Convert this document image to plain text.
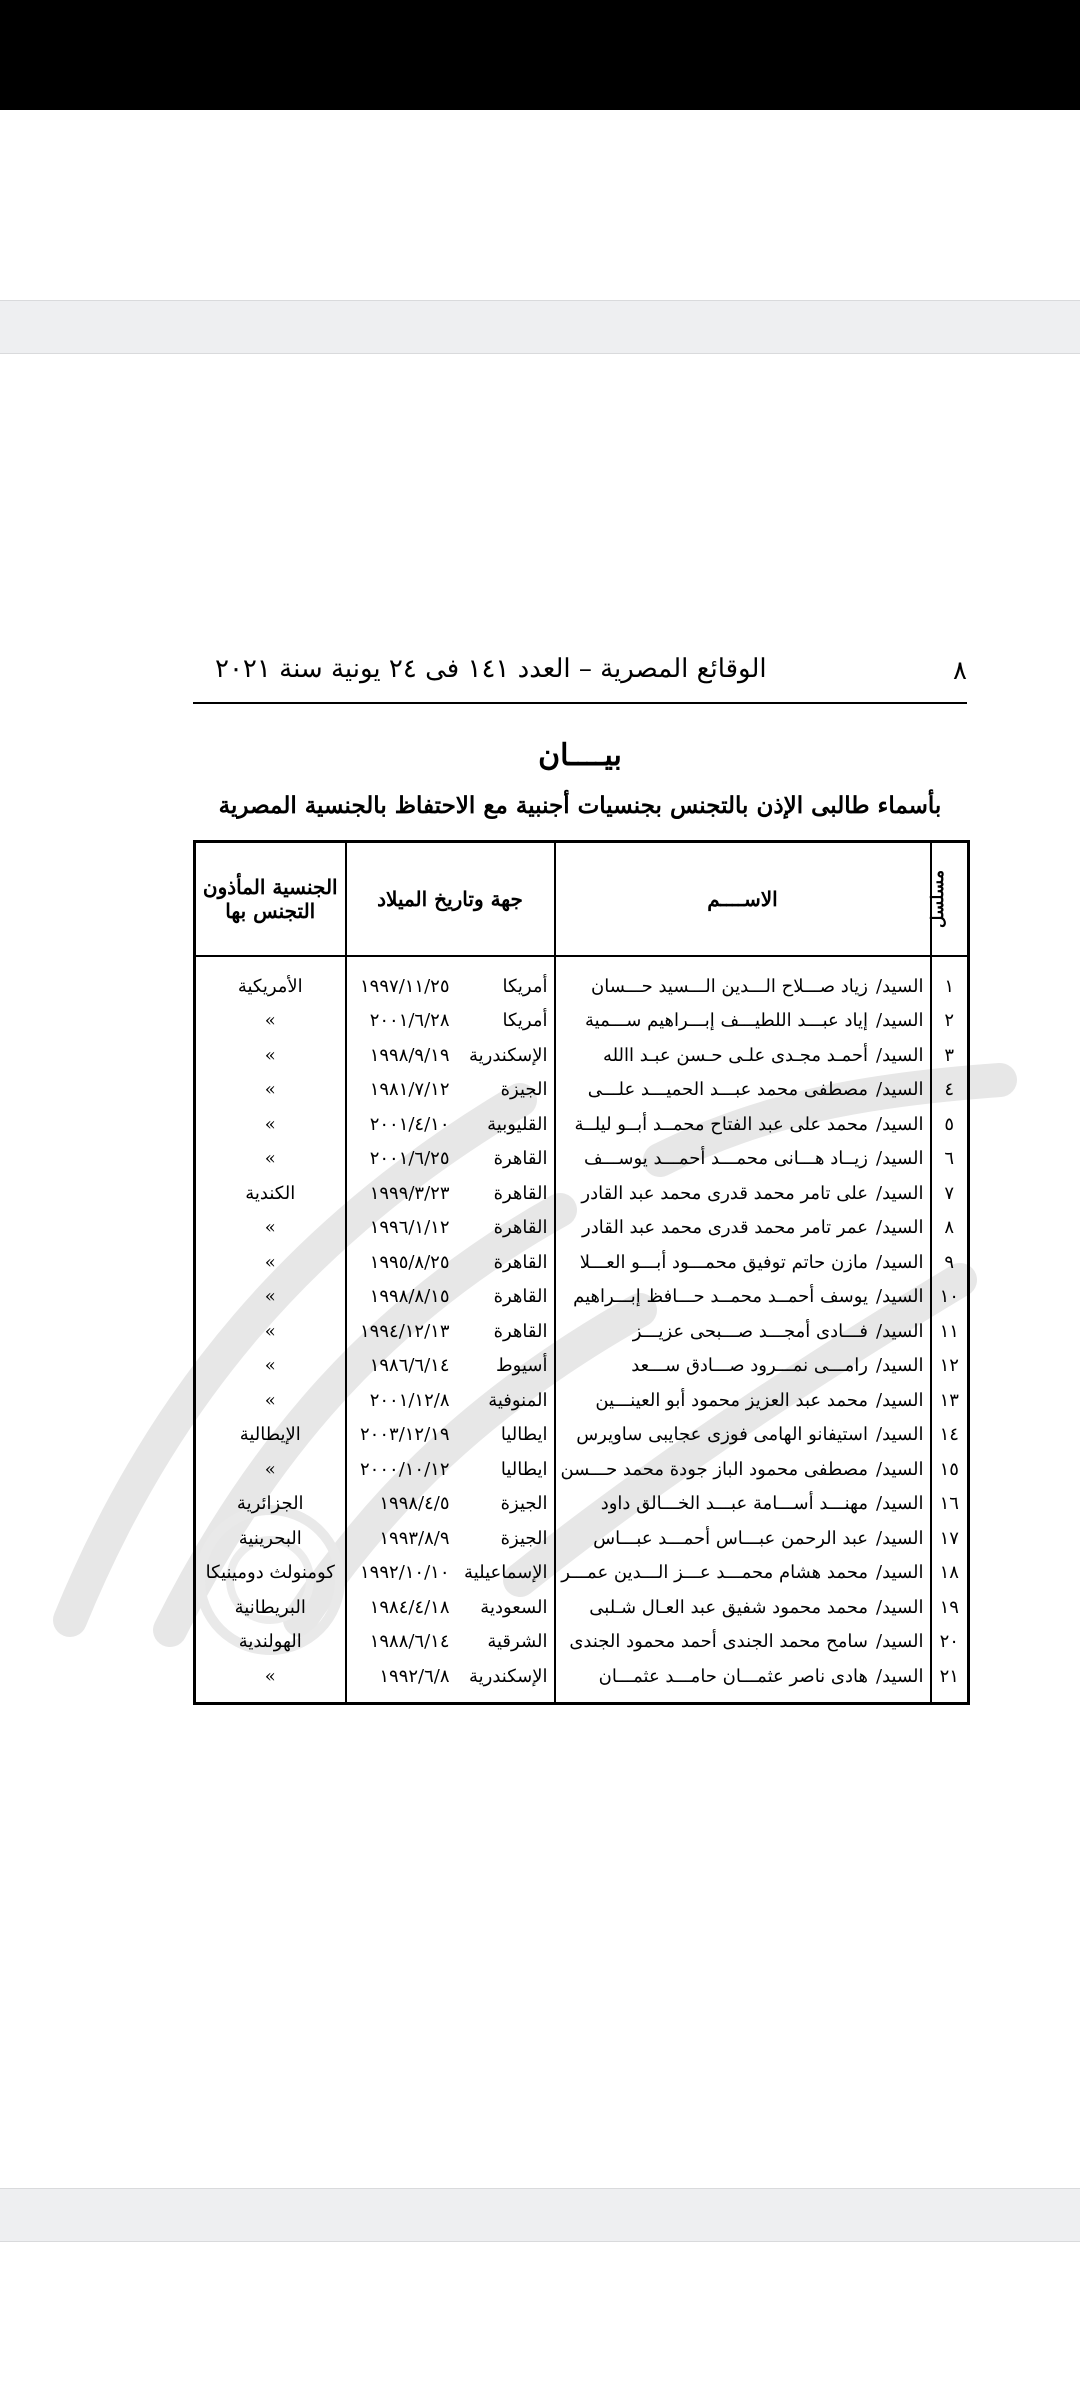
٨
الوقائع المصرية – العدد ١٤١ فى ٢٤ يونية سنة ٢٠٢١
بيــــان
بأسماء طالبى الإذن بالتجنس بجنسيات أجنبية مع الاحتفاظ بالجنسية المصرية
مسلسل	الاســــم	جهة وتاريخ الميلاد	الجنسية المأذون التجنس بها
١	السيد/زياد صـــلاح الـــدين الـــسيد حـــسان	أمريكا١٩٩٧/١١/٢٥	الأمريكية
٢	السيد/إياد عبـــد اللطيـــف إبـــراهيم ســـمية	أمريكا٢٠٠١/٦/٢٨	»
٣	السيد/أحمـد مجـدى علـى حـسن عبـد االله	الإسكندرية١٩٩٨/٩/١٩	»
٤	السيد/مصطفى محمد عبـــد الحميـــد علـــى	الجيزة١٩٨١/٧/١٢	»
٥	السيد/محمد على عبد الفتاح محمــد أبــو ليلــة	القليوبية٢٠٠١/٤/١٠	»
٦	السيد/زيــاد هـــانى محمـــد أحمـــد يوســـف	القاهرة٢٠٠١/٦/٢٥	»
٧	السيد/على تامر محمد قدرى محمد عبد القادر	القاهرة١٩٩٩/٣/٢٣	الكندية
٨	السيد/عمر تامر محمد قدرى محمد عبد القادر	القاهرة١٩٩٦/١/١٢	»
٩	السيد/مازن حاتم توفيق محمـــود أبـــو العـــلا	القاهرة١٩٩٥/٨/٢٥	»
١٠	السيد/يوسف أحمــد محمــد حـــافظ إبـــراهيم	القاهرة١٩٩٨/٨/١٥	»
١١	السيد/فـــادى أمجـــد صـــبحى عزيـــز	القاهرة١٩٩٤/١٢/١٣	»
١٢	السيد/رامـــى نمـــرود صـــادق ســـعد	أسيوط١٩٨٦/٦/١٤	»
١٣	السيد/محمد عبد العزيز محمود أبو العينـــين	المنوفية٢٠٠١/١٢/٨	»
١٤	السيد/استيفانو الهامى فوزى عجايبى ساويرس	ايطاليا٢٠٠٣/١٢/١٩	الإيطالية
١٥	السيد/مصطفى محمود الباز جودة محمد حـــسن	ايطاليا٢٠٠٠/١٠/١٢	»
١٦	السيد/مهنـــد أســـامة عبـــد الخـــالق داود	الجيزة١٩٩٨/٤/٥	الجزائرية
١٧	السيد/عبد الرحمن عبـــاس أحمـــد عبـــاس	الجيزة١٩٩٣/٨/٩	البحرينية
١٨	السيد/محمد هشام محمـــد عـــز الـــدين عمـــر	الإسماعيلية١٩٩٢/١٠/١٠	كومنولث دومينيكا
١٩	السيد/محمد محمود شفيق عبد العـال شـلبى	السعودية١٩٨٤/٤/١٨	البريطانية
٢٠	السيد/سامح محمد الجندى أحمد محمود الجندى	الشرقية١٩٨٨/٦/١٤	الهولندية
٢١	السيد/هادى ناصر عثمـــان حامـــد عثمـــان	الإسكندرية١٩٩٢/٦/٨	»
